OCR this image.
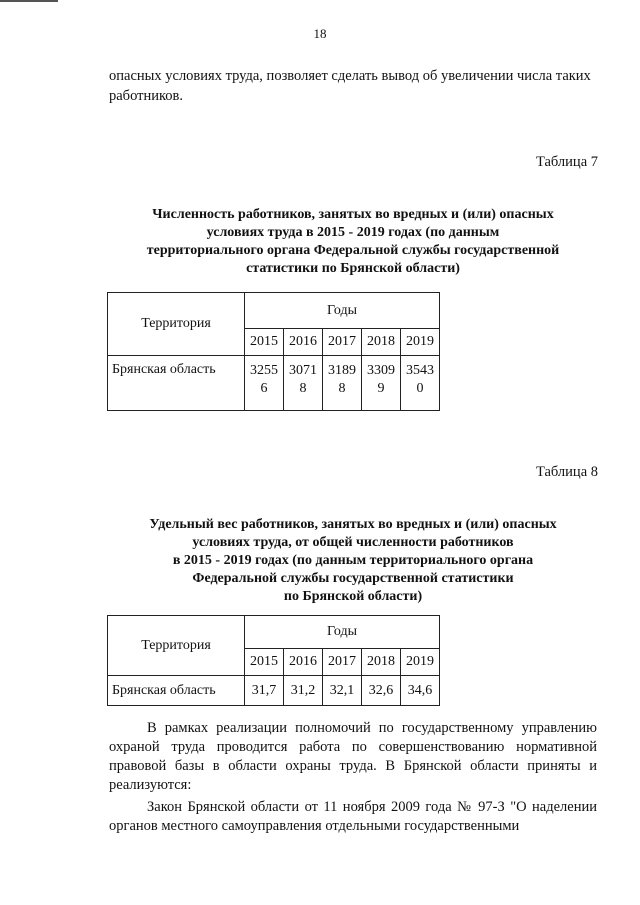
18
опасных условиях труда, позволяет сделать вывод об увеличении числа таких работников.
Таблица 7
Численность работников, занятых во вредных и (или) опасных
условиях труда в 2015 - 2019 годах (по данным
территориального органа Федеральной службы государственной
статистики по Брянской области)
Территория	Годы				
	2015	2016	2017	2018	2019
Брянская область	32556	30718	31898	33099	35430
Таблица 8
Удельный вес работников, занятых во вредных и (или) опасных
условиях труда, от общей численности работников
в 2015 - 2019 годах (по данным территориального органа
Федеральной службы государственной статистики
по Брянской области)
Территория	Годы				
	2015	2016	2017	2018	2019
Брянская область	31,7	31,2	32,1	32,6	34,6
В рамках реализации полномочий по государственному управлению охраной труда проводится работа по совершенствованию нормативной правовой базы в области охраны труда. В Брянской области приняты и реализуются:
Закон Брянской области от 11 ноября 2009 года № 97-З "О наделении органов местного самоуправления отдельными государственными
